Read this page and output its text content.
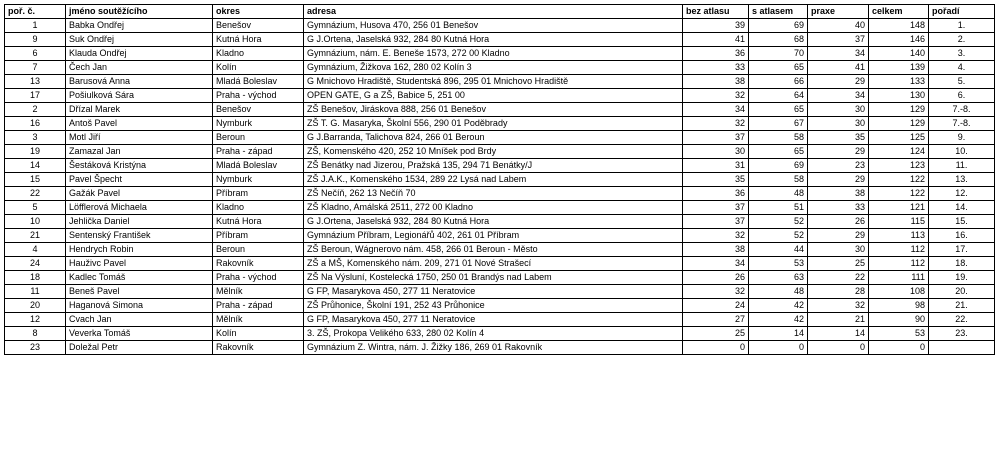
poř. č.	jméno soutěžícího	okres	adresa	bez atlasu	s atlasem	praxe	celkem	pořadí
1	Babka Ondřej	Benešov	Gymnázium, Husova 470, 256 01 Benešov	39	69	40	148	1.
9	Suk Ondřej	Kutná Hora	G J.Ortena, Jaselská 932, 284 80 Kutná Hora	41	68	37	146	2.
6	Klauda Ondřej	Kladno	Gymnázium, nám. E. Beneše 1573, 272 00 Kladno	36	70	34	140	3.
7	Čech Jan	Kolín	Gymnázium, Žižkova 162, 280 02 Kolín 3	33	65	41	139	4.
13	Barusová Anna	Mladá Boleslav	G Mnichovo Hradiště, Studentská 896, 295 01 Mnichovo Hradiště	38	66	29	133	5.
17	Pošiulková Sára	Praha - východ	OPEN GATE, G a ZŠ, Babice 5, 251 00	32	64	34	130	6.
2	Dřízal Marek	Benešov	ZŠ Benešov, Jiráskova 888, 256 01 Benešov	34	65	30	129	7.-8.
16	Antoš Pavel	Nymburk	ZŠ T. G. Masaryka, Školní 556, 290 01 Poděbrady	32	67	30	129	7.-8.
3	Motl Jiří	Beroun	G J.Barranda, Talichova 824, 266 01 Beroun	37	58	35	125	9.
19	Zamazal Jan	Praha - západ	ZŠ, Komenského 420, 252 10 Mníšek pod Brdy	30	65	29	124	10.
14	Šestáková Kristýna	Mladá Boleslav	ZŠ Benátky nad Jizerou, Pražská 135, 294 71 Benátky/J	31	69	23	123	11.
15	Pavel Špecht	Nymburk	ZŠ J.A.K., Komenského 1534, 289 22 Lysá nad Labem	35	58	29	122	13.
22	Gažák Pavel	Příbram	ZŠ Nečíň, 262 13 Nečíň 70	36	48	38	122	12.
5	Löfflerová Michaela	Kladno	ZŠ Kladno, Amálská 2511, 272 00 Kladno	37	51	33	121	14.
10	Jehlička Daniel	Kutná Hora	G J.Ortena, Jaselská 932, 284 80 Kutná Hora	37	52	26	115	15.
21	Sentenský František	Příbram	Gymnázium Příbram, Legionářů 402, 261 01 Příbram	32	52	29	113	16.
4	Hendrych Robin	Beroun	ZŠ Beroun, Wágnerovo nám. 458, 266 01 Beroun - Město	38	44	30	112	17.
24	Hauživc Pavel	Rakovník	ZŠ a MŠ, Komenského nám. 209, 271 01 Nové Strašecí	34	53	25	112	18.
18	Kadlec Tomáš	Praha - východ	ZŠ Na Výsluní, Kostelecká 1750, 250 01 Brandýs nad Labem	26	63	22	111	19.
11	Beneš Pavel	Mělník	G FP, Masarykova 450, 277 11 Neratovice	32	48	28	108	20.
20	Haganová Simona	Praha - západ	ZŠ Průhonice, Školní 191, 252 43 Průhonice	24	42	32	98	21.
12	Cvach Jan	Mělník	G FP, Masarykova 450, 277 11 Neratovice	27	42	21	90	22.
8	Veverka Tomáš	Kolín	3. ZŠ, Prokopa Velikého 633, 280 02 Kolín 4	25	14	14	53	23.
23	Doležal Petr	Rakovník	Gymnázium Z. Wintra, nám. J. Žižky 186, 269 01 Rakovník	0	0	0	0	
